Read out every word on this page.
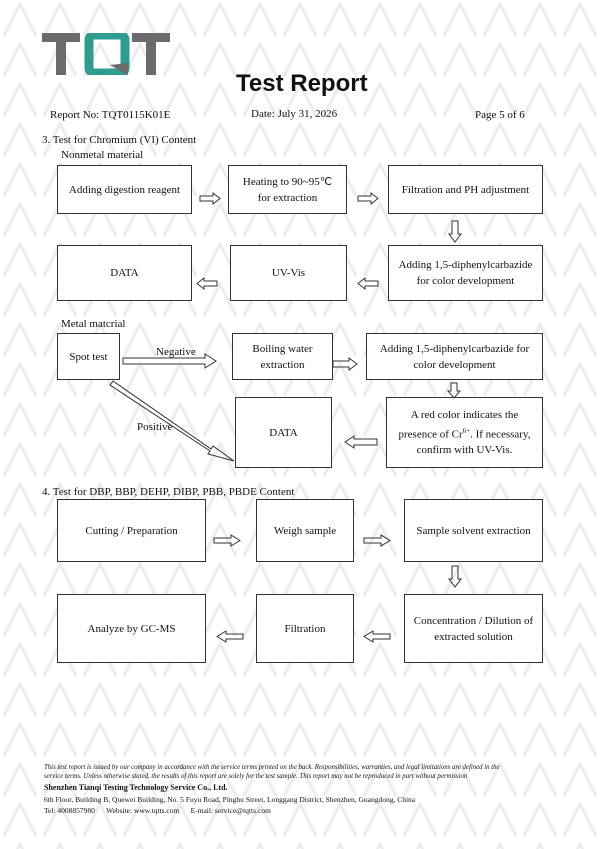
Test Report
Report No: TQT0115K01E	Date: July 31, 2026	Page 5 of 6
3. Test for Chromium (VI) Content
Nonmetal material
Adding digestion reagent
Heating to 90~95℃
for extraction
Filtration and PH adjustment
Adding 1,5-diphenylcarbazide
for color development
UV-Vis
DATA
Metal matcrial
Spot test	Negative
Positive
Boiling water
extraction
Adding 1,5-diphenylcarbazide for
color development
A red color indicates the
presence of $Cr^{6+}$. If necessary,
confirm with UV-Vis.
DATA
4. Test for DBP, BBP, DEHP, DIBP, PBB, PBDE Content
Cutting / Preparation	Weigh sample	Sample solvent extraction
Concentration / Dilution of
extracted solution
Filtration
Analyze by GC-MS
This test report is issued by our company in accordance with the service terms printed on the back. Responsibilities, warranties, and legal limitations are defined in the
service terms. Unless otherwise stated, the results of this report are solely for the test sample. This report may not be reproduced in part without permission
Shenzhen Tianqi Testing Technology Service Co., Ltd.
6th Floor, Building B, Quewei Building, No. 5 Fuyu Road, Pinghu Street, Longgang District, Shenzhen, Guangdong, China
Tel: 4008857980      Website: www.tqtts.com      E-mail: service@tqtts.com
